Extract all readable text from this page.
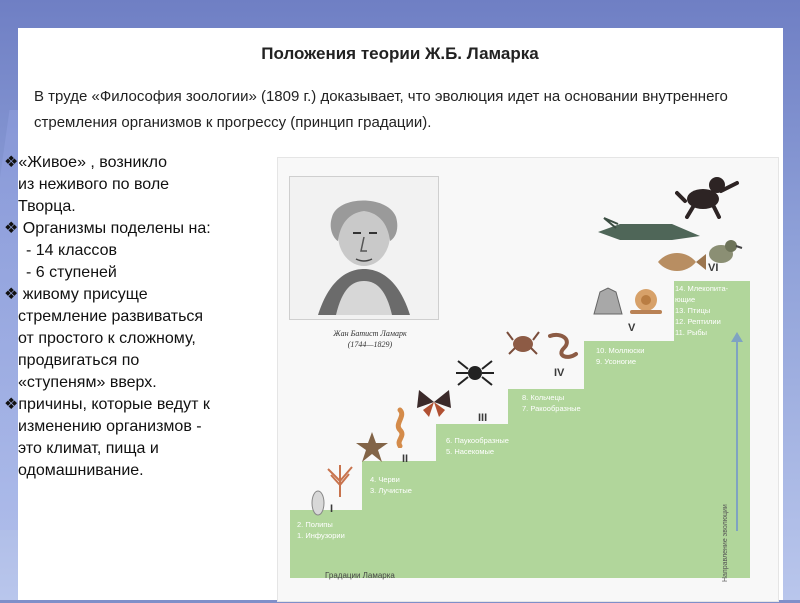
Положения теории Ж.Б. Ламарка
В труде «Философия зоологии» (1809 г.) доказывает, что эволюция идет на основании внутреннего стремления организмов к прогрессу (принцип градации).
❖«Живое» , возникло
из неживого по воле
Творца.
❖ Организмы поделены на:
- 14 классов
- 6 ступеней
❖ живому присуще
стремление развиваться
от простого к сложному,
продвигаться по
«ступеням» вверх.
❖причины, которые ведут к
изменению организмов -
это климат, пища и
одомашнивание.
Жан Батист Ламарк
(1744—1829)
2. Полипы
1. Инфузории
4. Черви
3. Лучистые
6. Паукообразные
5. Насекомые
8. Кольчецы
7. Ракообразные
10. Моллюски
9. Усоногие
14. Млекопита-
ющие
13. Птицы
12. Рептилии
11. Рыбы
I
II
III
IV
V
VI
Направление эволюции
Градации Ламарка
